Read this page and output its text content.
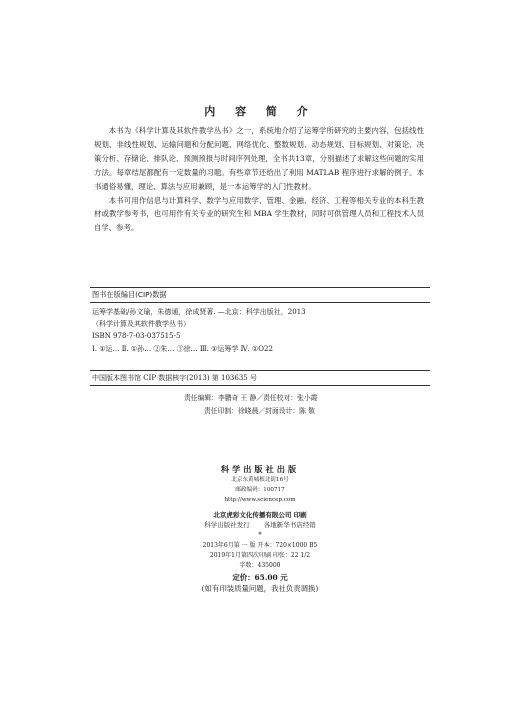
内 容 简 介

本书为《科学计算及其软件教学丛书》之一，系统地介绍了运筹学所研究的主要内容，包括线性规划、非线性规划、运输问题和分配问题、网络优化、整数规划、动态规划、目标规划、对策论、决策分析、存储论、排队论、预测预报与时间序列处理，全书共13章，分别描述了求解这些问题的实用方法。每章结尾都配有一定数量的习题。有些章节还给出了利用 MATLAB 程序进行求解的例子。本书通俗易懂，理论、算法与应用兼顾，是一本运筹学的入门性教材。

本书可用作信息与计算科学、数学与应用数学、管理、金融、经济、工程等相关专业的本科生教材或教学参考书，也可用作有关专业的研究生和 MBA 学生教材，同时可供管理人员和工程技术人员自学、参考。

图书在版编目(CIP)数据
运筹学基础/孙文瑜，朱德通，徐成贤著. —北京：科学出版社，2013
（科学计算及其软件教学丛书）
ISBN 978-7-03-037515-5
Ⅰ. ①运… Ⅱ. ①孙… ②朱… ③徐… Ⅲ. ①运筹学 Ⅳ. ①O22
中国版本图书馆 CIP 数据核字(2013) 第 103635 号
责任编辑：李鹏奇 王 静／责任校对：张小霞
责任印制：徐晓晨／封面设计：陈 敬
科学出版社出版
北京东黄城根北街16号
邮政编码：100717
http://www.sciencep.com
北京虎彩文化传播有限公司 印刷
科学出版社发行 各地新华书店经销
*
2013年6月第 一 版 开本：720×1000 B5
2019年1月第四次印刷 印张：22 1/2
字数：435000
定价：65.00 元
(如有印装质量问题，我社负责调换)
